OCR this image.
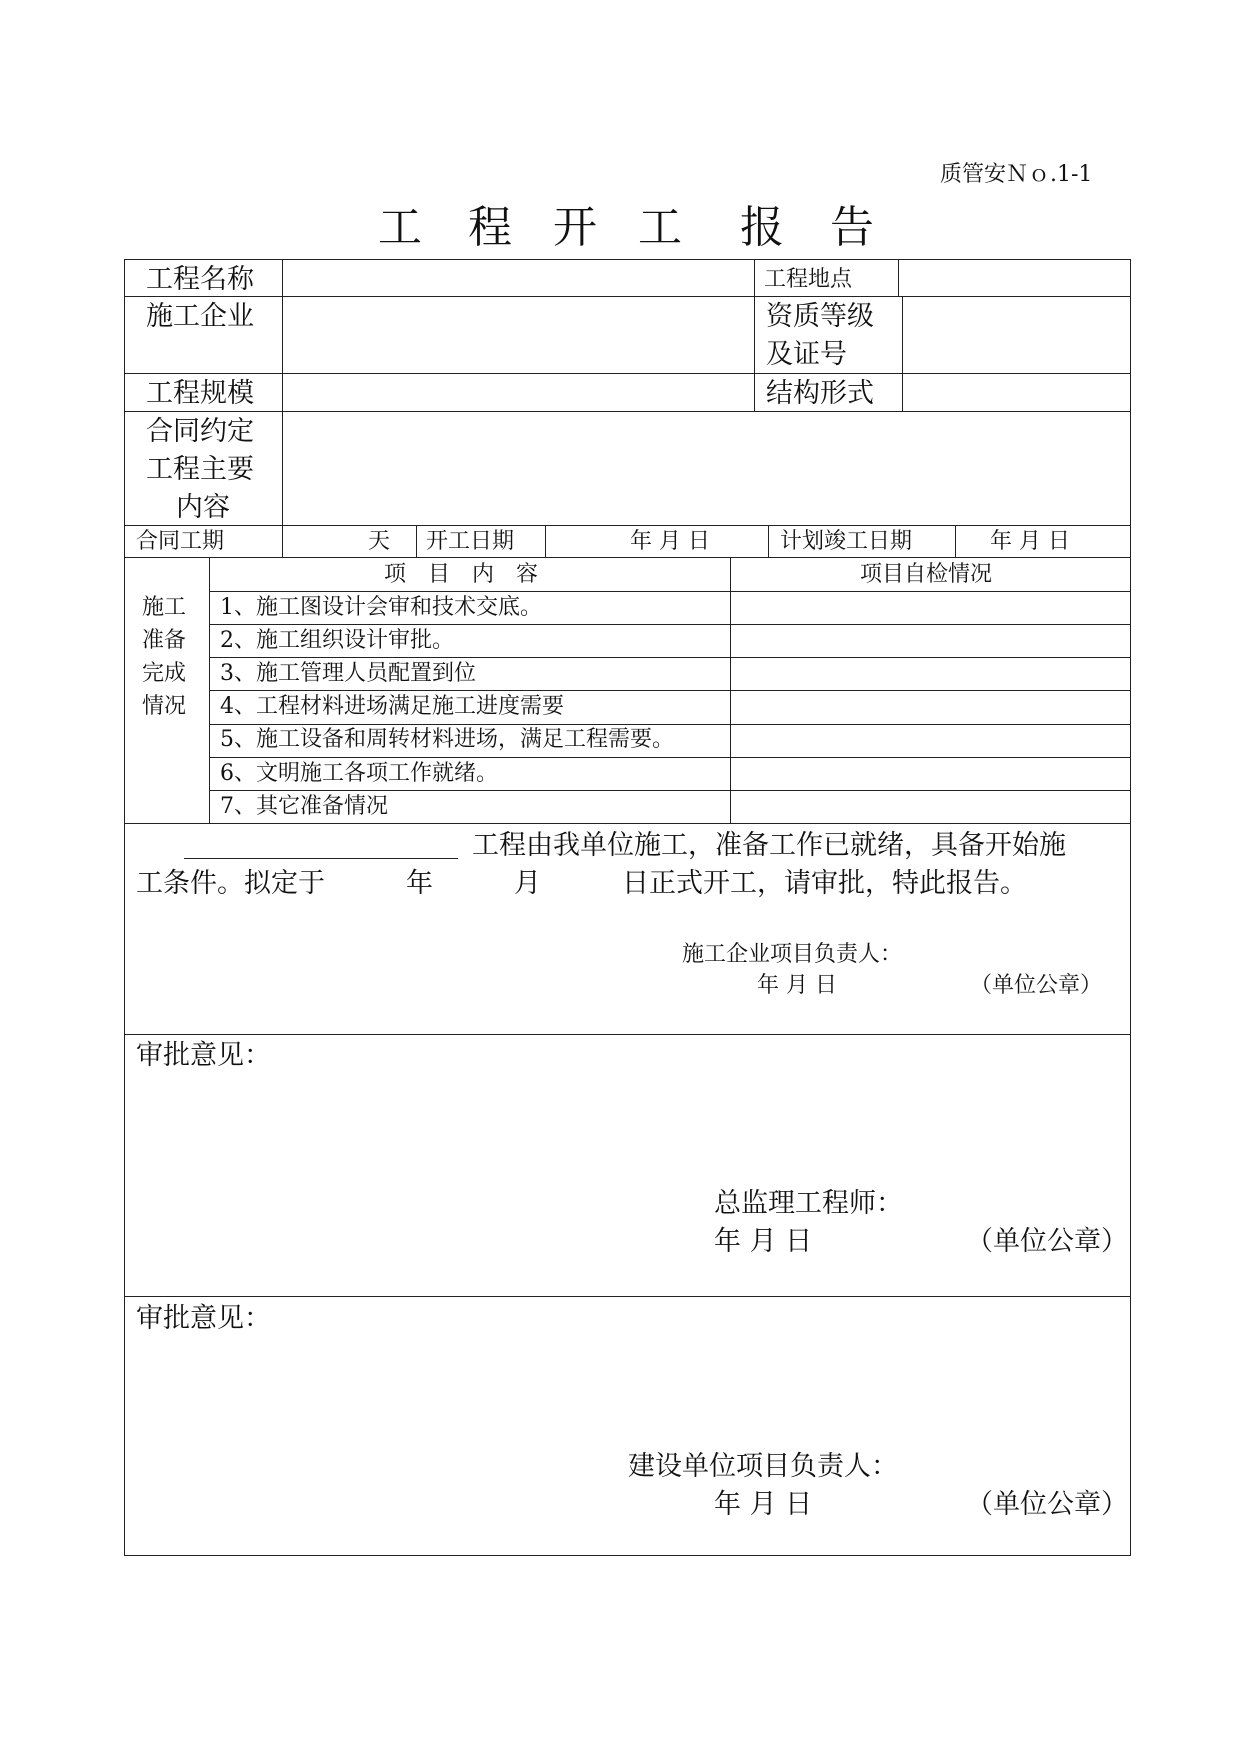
质管安Ｎｏ.1-1
工 程 开 工 报 告
工程名称	工程地点
施工企业	资质等级
及证号
工程规模	结构形式
合同约定
工程主要
内容
合同工期	天 开工日期	年 月 日	计划竣工日期	年 月 日
施工
准备
完成
情况
项　目　内　容	项目自检情况
1、施工图设计会审和技术交底。
2、施工组织设计审批。
3、施工管理人员配置到位
4、工程材料进场满足施工进度需要
5、施工设备和周转材料进场，满足工程需要。
6、文明施工各项工作就绪。
7、其它准备情况
工程由我单位施工，准备工作已就绪，具备开始施
工条件。拟定于　　　年　　　月　　　日正式开工，请审批，特此报告。
施工企业项目负责人：
年 月 日	（单位公章）
审批意见：
总监理工程师：
年 月 日	（单位公章）
审批意见：
建设单位项目负责人：
年 月 日	（单位公章）
